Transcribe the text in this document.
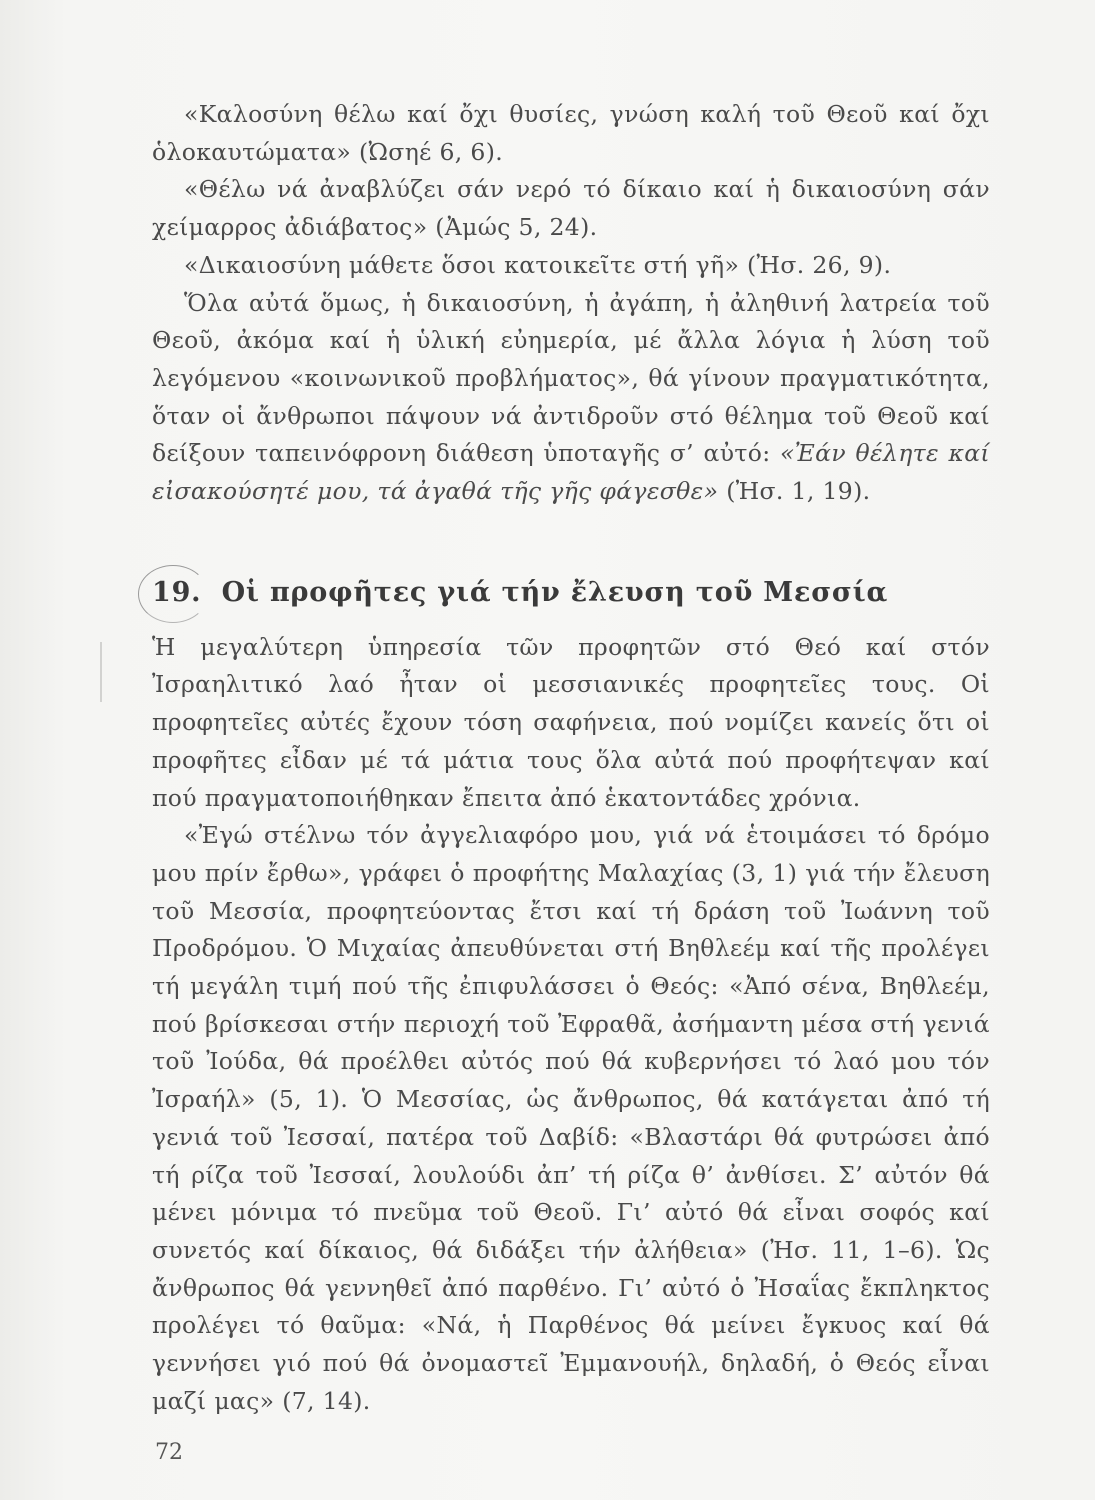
«Καλοσύνη θέλω καί ὄχι θυσίες, γνώση καλή τοῦ Θεοῦ καί ὄχι ὁλοκαυτώματα» (Ὠσηέ 6, 6).

«Θέλω νά ἀναβλύζει σάν νερό τό δίκαιο καί ἡ δικαιοσύνη σάν χείμαρρος ἀδιάβατος» (Ἀμώς 5, 24).

«Δικαιοσύνη μάθετε ὅσοι κατοικεῖτε στή γῆ» (Ἠσ. 26, 9).

Ὅλα αὐτά ὅμως, ἡ δικαιοσύνη, ἡ ἀγάπη, ἡ ἀληθινή λατρεία τοῦ Θεοῦ, ἀκόμα καί ἡ ὑλική εὐημερία, μέ ἄλλα λόγια ἡ λύση τοῦ λεγόμενου «κοινωνικοῦ προβλήματος», θά γίνουν πραγματικότητα, ὅταν οἱ ἄνθρωποι πάψουν νά ἀντιδροῦν στό θέλημα τοῦ Θεοῦ καί δείξουν ταπεινόφρονη διάθεση ὑποταγῆς σ’ αὐτό: «Ἐάν θέλητε καί εἰσακούσητέ μου, τά ἀγαθά τῆς γῆς φάγεσθε» (Ἠσ. 1, 19).

19. Οἱ προφῆτες γιά τήν ἔλευση τοῦ Μεσσία

Ἡ μεγαλύτερη ὑπηρεσία τῶν προφητῶν στό Θεό καί στόν Ἰσραηλιτικό λαό ἦταν οἱ μεσσιανικές προφητεῖες τους. Οἱ προφητεῖες αὐτές ἔχουν τόση σαφήνεια, πού νομίζει κανείς ὅτι οἱ προφῆτες εἶδαν μέ τά μάτια τους ὅλα αὐτά πού προφήτεψαν καί πού πραγματοποιήθηκαν ἔπειτα ἀπό ἑκατοντάδες χρόνια.

«Ἐγώ στέλνω τόν ἀγγελιαφόρο μου, γιά νά ἑτοιμάσει τό δρόμο μου πρίν ἔρθω», γράφει ὁ προφήτης Μαλαχίας (3, 1) γιά τήν ἔλευση τοῦ Μεσσία, προφητεύοντας ἔτσι καί τή δράση τοῦ Ἰωάννη τοῦ Προδρόμου. Ὁ Μιχαίας ἀπευθύνεται στή Βηθλεέμ καί τῆς προλέγει τή μεγάλη τιμή πού τῆς ἐπιφυλάσσει ὁ Θεός: «Ἀπό σένα, Βηθλεέμ, πού βρίσκεσαι στήν περιοχή τοῦ Ἐφραθᾶ, ἀσήμαντη μέσα στή γενιά τοῦ Ἰούδα, θά προέλθει αὐτός πού θά κυβερνήσει τό λαό μου τόν Ἰσραήλ» (5, 1). Ὁ Μεσσίας, ὡς ἄνθρωπος, θά κατάγεται ἀπό τή γενιά τοῦ Ἰεσσαί, πατέρα τοῦ Δαβίδ: «Βλαστάρι θά φυτρώσει ἀπό τή ρίζα τοῦ Ἰεσσαί, λουλούδι ἀπ’ τή ρίζα θ’ ἀνθίσει. Σ’ αὐτόν θά μένει μόνιμα τό πνεῦμα τοῦ Θεοῦ. Γι’ αὐτό θά εἶναι σοφός καί συνετός καί δίκαιος, θά διδάξει τήν ἀλήθεια» (Ἠσ. 11, 1–6). Ὡς ἄνθρωπος θά γεννηθεῖ ἀπό παρθένο. Γι’ αὐτό ὁ Ἠσαΐας ἔκπληκτος προλέγει τό θαῦμα: «Νά, ἡ Παρθένος θά μείνει ἔγκυος καί θά γεννήσει γιό πού θά ὀνομαστεῖ Ἐμμανουήλ, δηλαδή, ὁ Θεός εἶναι μαζί μας» (7, 14).

72
